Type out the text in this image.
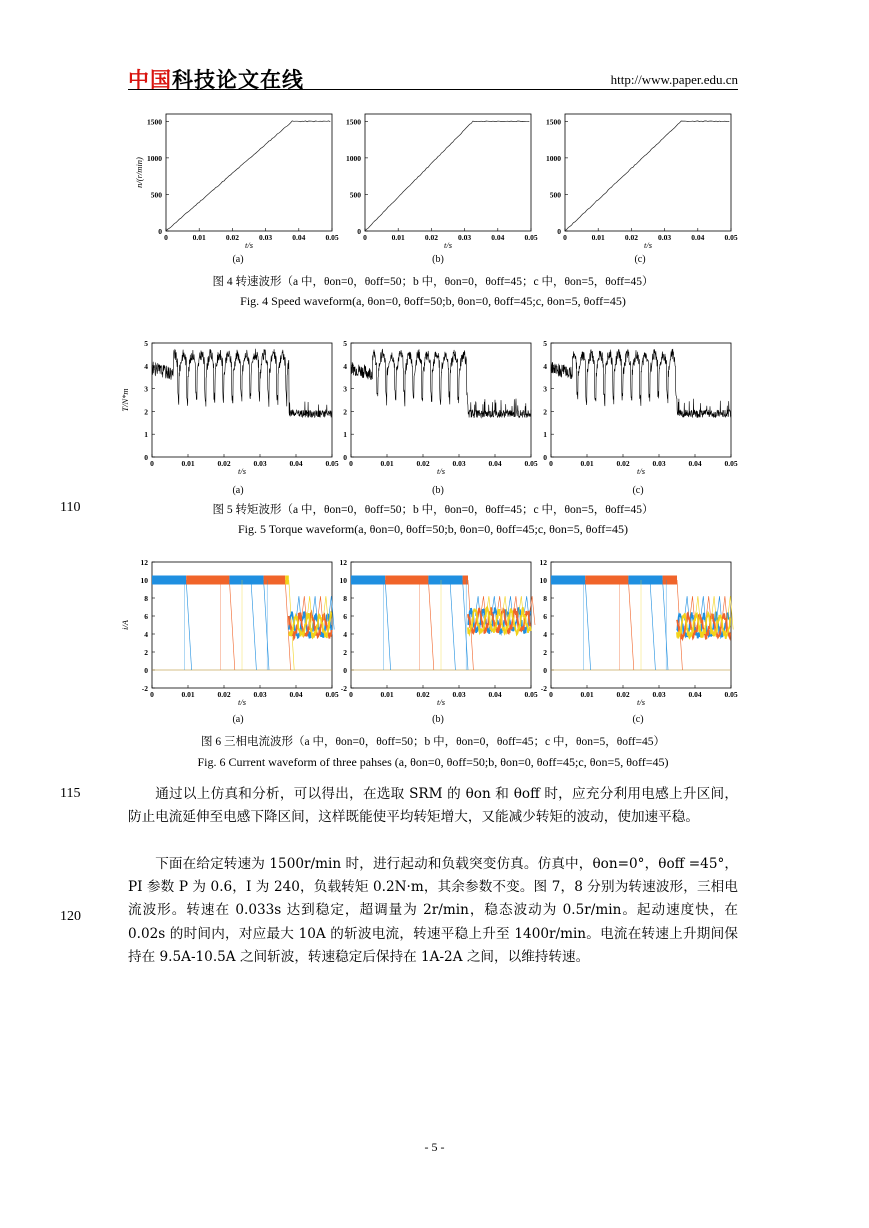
中国科技论文在线	http://www.paper.edu.cn
0	0.01	0.02	0.03	0.04	0.05
0
500
1000
1500
t/s
n/(r/min)
0	0.01	0.02	0.03	0.04	0.05
0
500
1000
1500
t/s
0	0.01	0.02	0.03	0.04	0.05
0
500
1000
1500
t/s
(a)	(b)	(c)
图 4 转速波形（a 中，θon=0，θoff=50；b 中，θon=0，θoff=45；c 中，θon=5，θoff=45）
Fig. 4 Speed waveform(a, θon=0, θoff=50;b, θon=0, θoff=45;c, θon=5, θoff=45)
0	0.01	0.02	0.03	0.04	0.05
0
1
2
3
4
5
t/s
T/N*m
0	0.01	0.02	0.03	0.04	0.05
0
1
2
3
4
5
t/s
0	0.01	0.02	0.03	0.04	0.05
0
1
2
3
4
5
t/s
(a)	(b)	(c)
110	图 5 转矩波形（a 中，θon=0，θoff=50；b 中，θon=0，θoff=45；c 中，θon=5，θoff=45）
Fig. 5 Torque waveform(a, θon=0, θoff=50;b, θon=0, θoff=45;c, θon=5, θoff=45)
0	0.01	0.02	0.03	0.04	0.05
-2
0
2
4
6
8
10
12
t/s
i/A
0	0.01	0.02	0.03	0.04	0.05
-2
0
2
4
6
8
10
12
t/s
0	0.01	0.02	0.03	0.04	0.05
-2
0
2
4
6
8
10
12
t/s
(a)	(b)	(c)
图 6 三相电流波形（a 中，θon=0，θoff=50；b 中，θon=0，θoff=45；c 中，θon=5，θoff=45）
Fig. 6 Current waveform of three pahses (a, θon=0, θoff=50;b, θon=0, θoff=45;c, θon=5, θoff=45)
115	通过以上仿真和分析，可以得出，在选取 SRM 的 θon 和 θoff 时，应充分利用电感上升区间，防止电流延伸至电感下降区间，这样既能使平均转矩增大，又能减少转矩的波动，使加速平稳。

120

下面在给定转速为 1500r/min 时，进行起动和负载突变仿真。仿真中，θon=0°，θoff =45°，PI 参数 P 为 0.6，I 为 240，负载转矩 0.2N·m，其余参数不变。图 7，8 分别为转速波形，三相电流波形。转速在 0.033s 达到稳定，超调量为 2r/min，稳态波动为 0.5r/min。起动速度快，在 0.02s 的时间内，对应最大 10A 的斩波电流，转速平稳上升至 1400r/min。电流在转速上升期间保持在 9.5A-10.5A 之间斩波，转速稳定后保持在 1A-2A 之间，以维持转速。

- 5 -
